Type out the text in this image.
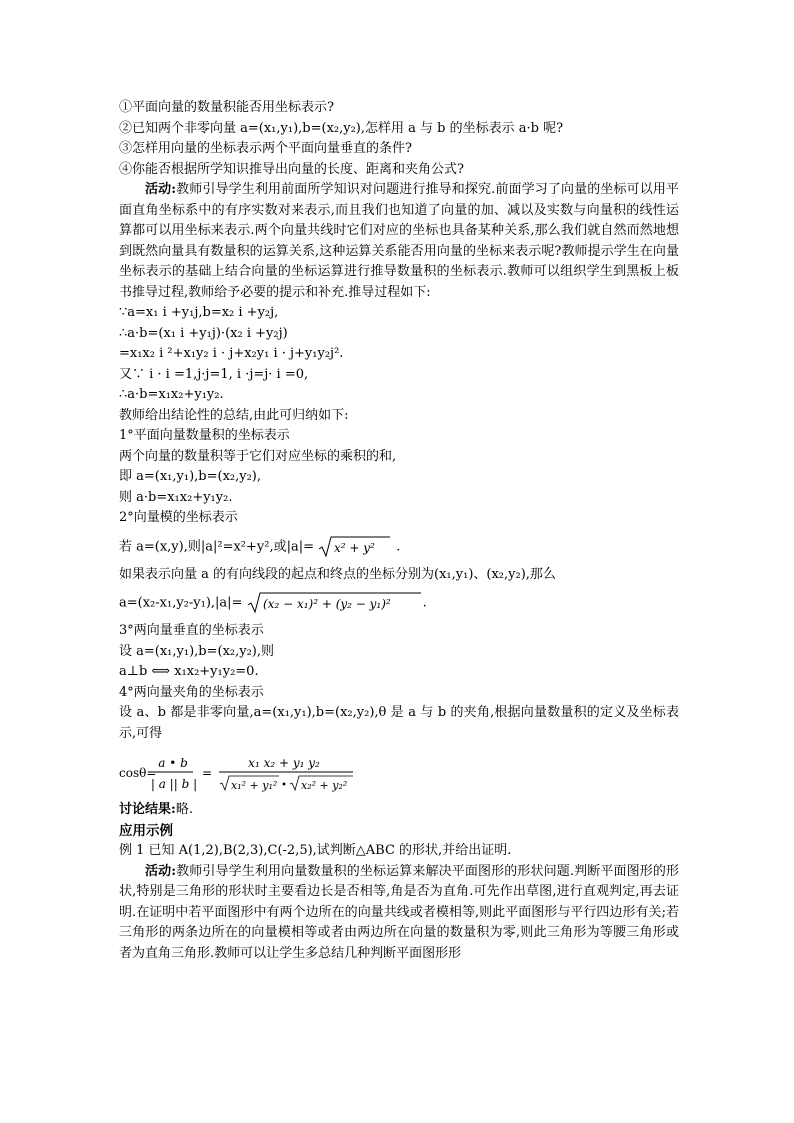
①平面向量的数量积能否用坐标表示?
②已知两个非零向量 a=(x₁,y₁),b=(x₂,y₂),怎样用 a 与 b 的坐标表示 a·b 呢?
③怎样用向量的坐标表示两个平面向量垂直的条件?
④你能否根据所学知识推导出向量的长度、距离和夹角公式?
活动:教师引导学生利用前面所学知识对问题进行推导和探究.前面学习了向量的坐标可以用平面直角坐标系中的有序实数对来表示,而且我们也知道了向量的加、减以及实数与向量积的线性运算都可以用坐标来表示.两个向量共线时它们对应的坐标也具备某种关系,那么我们就自然而然地想到既然向量具有数量积的运算关系,这种运算关系能否用向量的坐标来表示呢?教师提示学生在向量坐标表示的基础上结合向量的坐标运算进行推导数量积的坐标表示.教师可以组织学生到黑板上板书推导过程,教师给予必要的提示和补充.推导过程如下:
∵a=x₁ i +y₁j,b=x₂ i +y₂j,
∴a·b=(x₁ i +y₁j)·(x₂ i +y₂j)
=x₁x₂ i ²+x₁y₂ i · j+x₂y₁ i · j+y₁y₂j².
又∵ i · i =1,j·j=1, i ·j=j· i =0,
∴a·b=x₁x₂+y₁y₂.
教师给出结论性的总结,由此可归纳如下:
1°平面向量数量积的坐标表示
两个向量的数量积等于它们对应坐标的乘积的和,
即 a=(x₁,y₁),b=(x₂,y₂),
则 a·b=x₁x₂+y₁y₂.
2°向量模的坐标表示
若 a=(x,y),则|a|²=x²+y²,或|a|= x² + y² .
如果表示向量 a 的有向线段的起点和终点的坐标分别为(x₁,y₁)、(x₂,y₂),那么
a=(x₂-x₁,y₂-y₁),|a|= (x₂ − x₁)² + (y₂ − y₁)² .
3°两向量垂直的坐标表示
设 a=(x₁,y₁),b=(x₂,y₂),则
a⊥b ⟺ x₁x₂+y₁y₂=0.
4°两向量夹角的坐标表示
设 a、b 都是非零向量,a=(x₁,y₁),b=(x₂,y₂),θ 是 a 与 b 的夹角,根据向量数量积的定义及坐标表示,可得
cosθ=
a • b
| a || b |
=
x₁ x₂ + y₁ y₂
x₁² + y₁² • x₂² + y₂²
讨论结果:略.
应用示例
例 1 已知 A(1,2),B(2,3),C(-2,5),试判断△ABC 的形状,并给出证明.
活动:教师引导学生利用向量数量积的坐标运算来解决平面图形的形状问题.判断平面图形的形状,特别是三角形的形状时主要看边长是否相等,角是否为直角.可先作出草图,进行直观判定,再去证明.在证明中若平面图形中有两个边所在的向量共线或者模相等,则此平面图形与平行四边形有关;若三角形的两条边所在的向量模相等或者由两边所在向量的数量积为零,则此三角形为等腰三角形或者为直角三角形.教师可以让学生多总结几种判断平面图形形
